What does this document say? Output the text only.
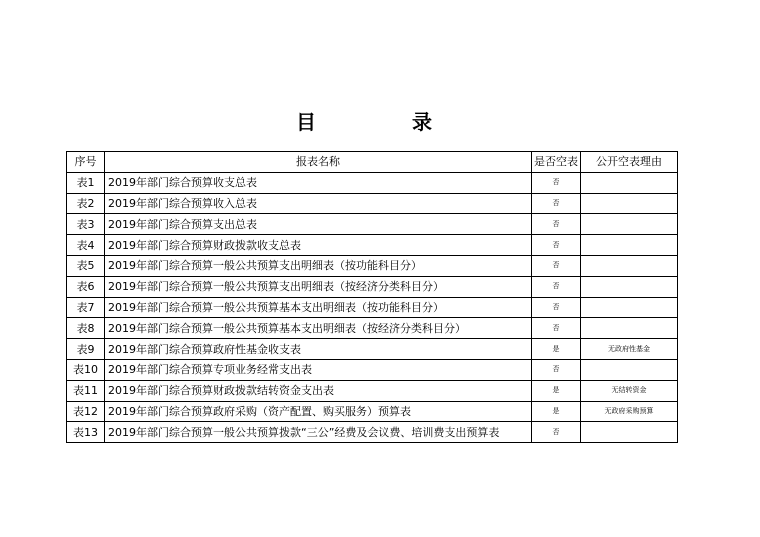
目	录
序号	报表名称	是否空表	公开空表理由
表1	2019年部门综合预算收支总表	否	
表2	2019年部门综合预算收入总表	否	
表3	2019年部门综合预算支出总表	否	
表4	2019年部门综合预算财政拨款收支总表	否	
表5	2019年部门综合预算一般公共预算支出明细表（按功能科目分）	否	
表6	2019年部门综合预算一般公共预算支出明细表（按经济分类科目分）	否	
表7	2019年部门综合预算一般公共预算基本支出明细表（按功能科目分）	否	
表8	2019年部门综合预算一般公共预算基本支出明细表（按经济分类科目分）	否	
表9	2019年部门综合预算政府性基金收支表	是	无政府性基金
表10	2019年部门综合预算专项业务经常支出表	否	
表11	2019年部门综合预算财政拨款结转资金支出表	是	无结转资金
表12	2019年部门综合预算政府采购（资产配置、购买服务）预算表	是	无政府采购预算
表13	2019年部门综合预算一般公共预算拨款“三公”经费及会议费、培训费支出预算表	否	
